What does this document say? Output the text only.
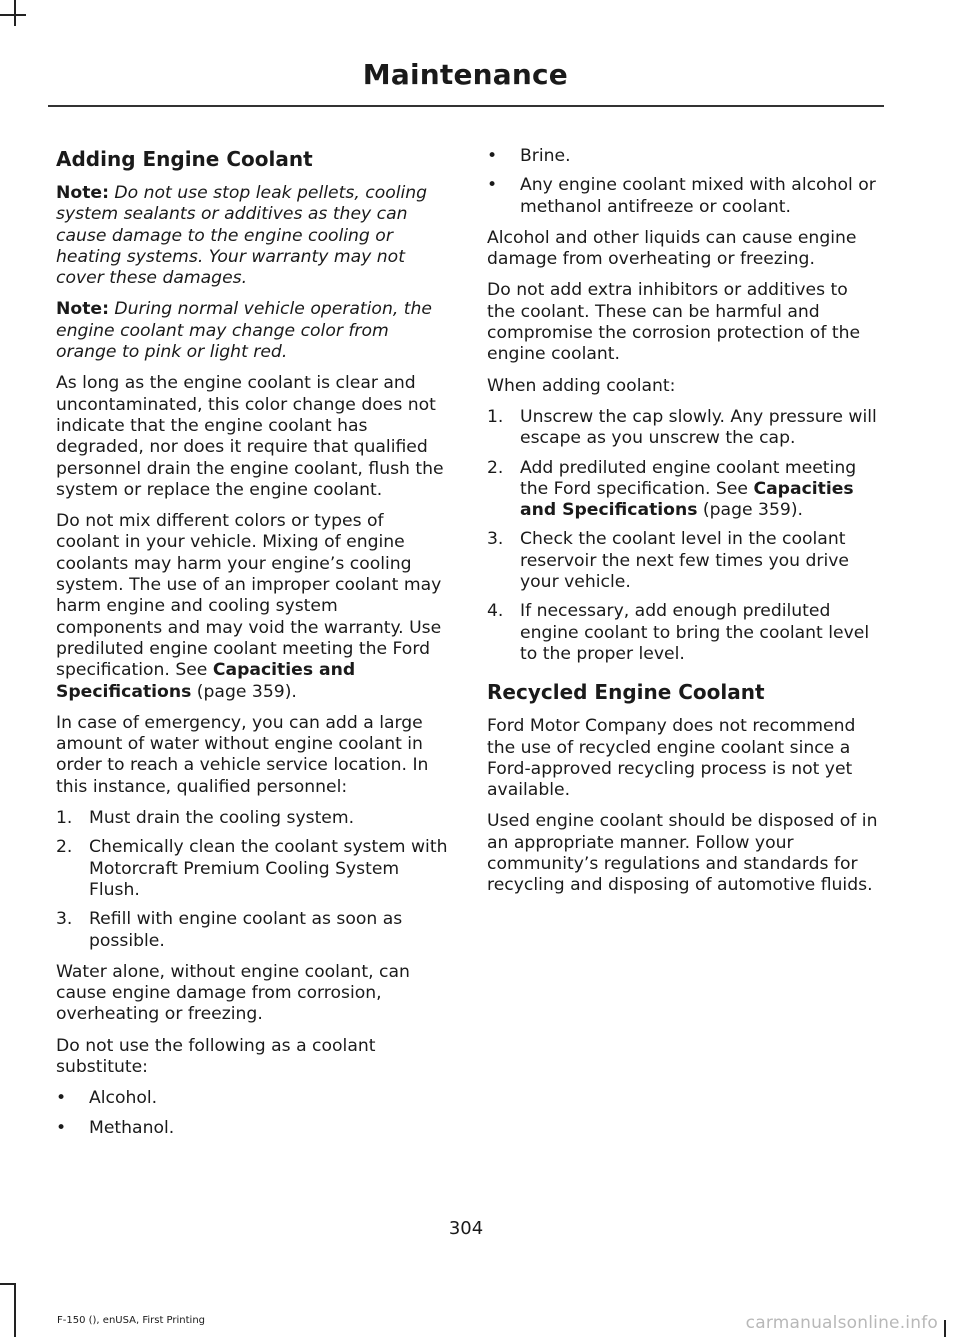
Maintenance
Adding Engine Coolant

Note: Do not use stop leak pellets, cooling system sealants or additives as they can cause damage to the engine cooling or heating systems. Your warranty may not cover these damages.

Note: During normal vehicle operation, the engine coolant may change color from orange to pink or light red.

As long as the engine coolant is clear and uncontaminated, this color change does not indicate that the engine coolant has degraded, nor does it require that qualified personnel drain the engine coolant, flush the system or replace the engine coolant.

Do not mix different colors or types of coolant in your vehicle. Mixing of engine coolants may harm your engine’s cooling system. The use of an improper coolant may harm engine and cooling system components and may void the warranty. Use prediluted engine coolant meeting the Ford specification. See Capacities and Specifications (page 359).

In case of emergency, you can add a large amount of water without engine coolant in order to reach a vehicle service location. In this instance, qualified personnel:

1. Must drain the cooling system.
2. Chemically clean the coolant system with Motorcraft Premium Cooling System Flush.
3. Refill with engine coolant as soon as possible.

Water alone, without engine coolant, can cause engine damage from corrosion, overheating or freezing.

Do not use the following as a coolant substitute:

• Alcohol.
• Methanol.
• Brine.
• Any engine coolant mixed with alcohol or methanol antifreeze or coolant.

Alcohol and other liquids can cause engine damage from overheating or freezing.

Do not add extra inhibitors or additives to the coolant. These can be harmful and compromise the corrosion protection of the engine coolant.

When adding coolant:

1. Unscrew the cap slowly. Any pressure will escape as you unscrew the cap.
2. Add prediluted engine coolant meeting the Ford specification. See Capacities and Specifications (page 359).
3. Check the coolant level in the coolant reservoir the next few times you drive your vehicle.
4. If necessary, add enough prediluted engine coolant to bring the coolant level to the proper level.
Recycled Engine Coolant

Ford Motor Company does not recommend the use of recycled engine coolant since a Ford-approved recycling process is not yet available.

Used engine coolant should be disposed of in an appropriate manner. Follow your community’s regulations and standards for recycling and disposing of automotive fluids.

304
F-150 (), enUSA, First Printing	carmanualsonline.info
